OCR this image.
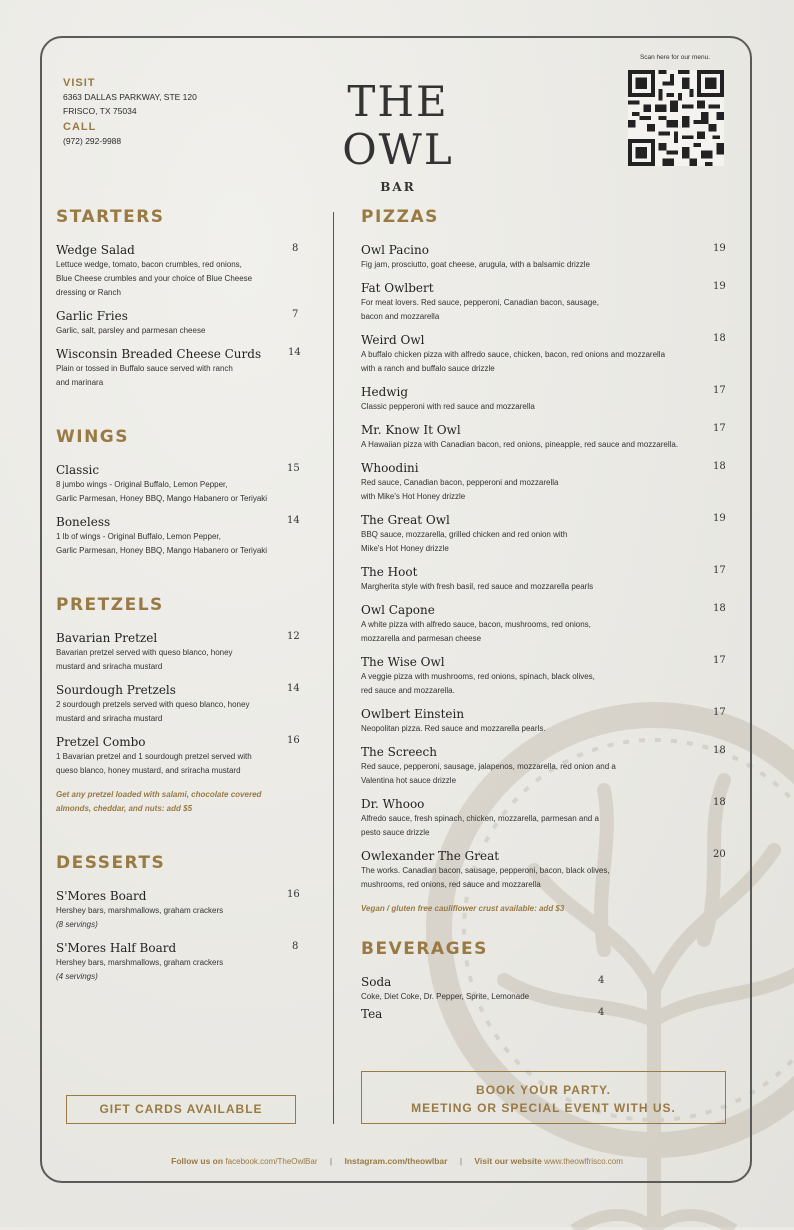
VISIT
6363 DALLAS PARKWAY, STE 120
FRISCO, TX 75034
CALL
(972) 292-9988
THE OWL
BAR
Scan here for our menu.
STARTERS
Wedge Salad	8
Lettuce wedge, tomato, bacon crumbles, red onions,
Blue Cheese crumbles and your choice of Blue Cheese
dressing or Ranch
Garlic Fries	7
Garlic, salt, parsley and parmesan cheese
Wisconsin Breaded Cheese Curds	14
Plain or tossed in Buffalo sauce served with ranch
and marinara
WINGS
Classic	15
8 jumbo wings - Original Buffalo, Lemon Pepper,
Garlic Parmesan, Honey BBQ, Mango Habanero or Teriyaki
Boneless	14
1 lb of wings - Original Buffalo, Lemon Pepper,
Garlic Parmesan, Honey BBQ, Mango Habanero or Teriyaki
PRETZELS
Bavarian Pretzel	12
Bavarian pretzel served with queso blanco, honey
mustard and sriracha mustard
Sourdough Pretzels	14
2 sourdough pretzels served with queso blanco, honey
mustard and sriracha mustard
Pretzel Combo	16
1 Bavarian pretzel and 1 sourdough pretzel served with
queso blanco, honey mustard, and sriracha mustard
Get any pretzel loaded with salami, chocolate covered
almonds, cheddar, and nuts: add $5
DESSERTS
S'Mores Board	16
Hershey bars, marshmallows, graham crackers
(8 servings)
S'Mores Half Board	8
Hershey bars, marshmallows, graham crackers
(4 servings)
GIFT CARDS AVAILABLE
PIZZAS
Owl Pacino	19
Fig jam, prosciutto, goat cheese, arugula, with a balsamic drizzle
Fat Owlbert	19
For meat lovers. Red sauce, pepperoni, Canadian bacon, sausage,
bacon and mozzarella
Weird Owl	18
A buffalo chicken pizza with alfredo sauce, chicken, bacon, red onions and mozzarella
with a ranch and buffalo sauce drizzle
Hedwig	17
Classic pepperoni with red sauce and mozzarella
Mr. Know It Owl	17
A Hawaiian pizza with Canadian bacon, red onions, pineapple, red sauce and mozzarella.
Whoodini	18
Red sauce, Canadian bacon, pepperoni and mozzarella
with Mike's Hot Honey drizzle
The Great Owl	19
BBQ sauce, mozzarella, grilled chicken and red onion with
Mike's Hot Honey drizzle
The Hoot	17
Margherita style with fresh basil, red sauce and mozzarella pearls
Owl Capone	18
A white pizza with alfredo sauce, bacon, mushrooms, red onions,
mozzarella and parmesan cheese
The Wise Owl	17
A veggie pizza with mushrooms, red onions, spinach, black olives,
red sauce and mozzarella.
Owlbert Einstein	17
Neopolitan pizza. Red sauce and mozzarella pearls.
The Screech	18
Red sauce, pepperoni, sausage, jalapenos, mozzarella, red onion and a
Valentina hot sauce drizzle
Dr. Whooo	18
Alfredo sauce, fresh spinach, chicken, mozzarella, parmesan and a
pesto sauce drizzle
Owlexander The Great	20
The works. Canadian bacon, sausage, pepperoni, bacon, black olives,
mushrooms, red onions, red sauce and mozzarella
Vegan / gluten free cauliflower crust available: add $3
BEVERAGES
Soda	4
Coke, Diet Coke, Dr. Pepper, Sprite, Lemonade
Tea	4
BOOK YOUR PARTY.
MEETING OR SPECIAL EVENT WITH US.
Follow us on facebook.com/TheOwlBar | Instagram.com/theowlbar | Visit our website www.theowlfrisco.com
